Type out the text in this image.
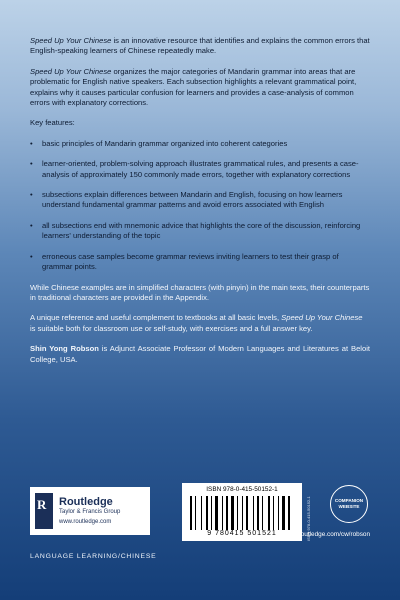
Speed Up Your Chinese is an innovative resource that identifies and explains the common errors that English-speaking learners of Chinese repeatedly make.

Speed Up Your Chinese organizes the major categories of Mandarin grammar into areas that are problematic for English native speakers. Each subsection highlights a relevant grammatical point, explains why it causes particular confusion for learners and provides a case-analysis of common errors with explanatory corrections.

Key features:
• basic principles of Mandarin grammar organized into coherent categories
• learner-oriented, problem-solving approach illustrates grammatical rules, and presents a case-analysis of approximately 150 commonly made errors, together with explanatory corrections
• subsections explain differences between Mandarin and English, focusing on how learners understand fundamental grammar patterns and avoid errors associated with English
• all subsections end with mnemonic advice that highlights the core of the discussion, reinforcing learners' understanding of the topic
• erroneous case samples become grammar reviews inviting learners to test their grasp of grammar points.

While Chinese examples are in simplified characters (with pinyin) in the main texts, their counterparts in traditional characters are provided in the Appendix.

A unique reference and useful complement to textbooks at all basic levels, Speed Up Your Chinese is suitable both for classroom use or self-study, with exercises and a full answer key.

Shin Yong Robson is Adjunct Associate Professor of Modern Languages and Literatures at Beloit College, USA.

R Routledge
Taylor & Francis Group
www.routledge.com
ISBN 978-0-415-50152-1
9 780415 501521	ISBN 978-0-415-50152-1	COMPANION
WEBSITE
www.routledge.com/cw/robson
LANGUAGE LEARNING/CHINESE
